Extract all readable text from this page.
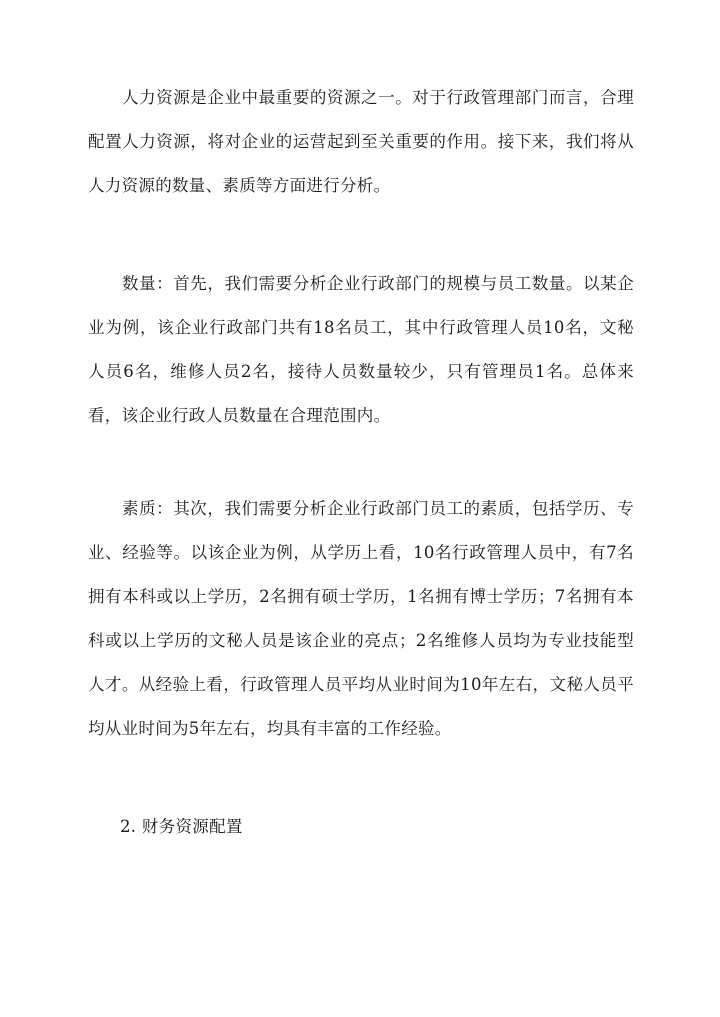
人力资源是企业中最重要的资源之一。对于行政管理部门而言，合理配置人力资源，将对企业的运营起到至关重要的作用。接下来，我们将从人力资源的数量、素质等方面进行分析。

数量：首先，我们需要分析企业行政部门的规模与员工数量。以某企业为例，该企业行政部门共有18名员工，其中行政管理人员10名，文秘人员6名，维修人员2名，接待人员数量较少，只有管理员1名。总体来看，该企业行政人员数量在合理范围内。

素质：其次，我们需要分析企业行政部门员工的素质，包括学历、专业、经验等。以该企业为例，从学历上看，10名行政管理人员中，有7名拥有本科或以上学历，2名拥有硕士学历，1名拥有博士学历；7名拥有本科或以上学历的文秘人员是该企业的亮点；2名维修人员均为专业技能型人才。从经验上看，行政管理人员平均从业时间为10年左右，文秘人员平均从业时间为5年左右，均具有丰富的工作经验。

2. 财务资源配置
